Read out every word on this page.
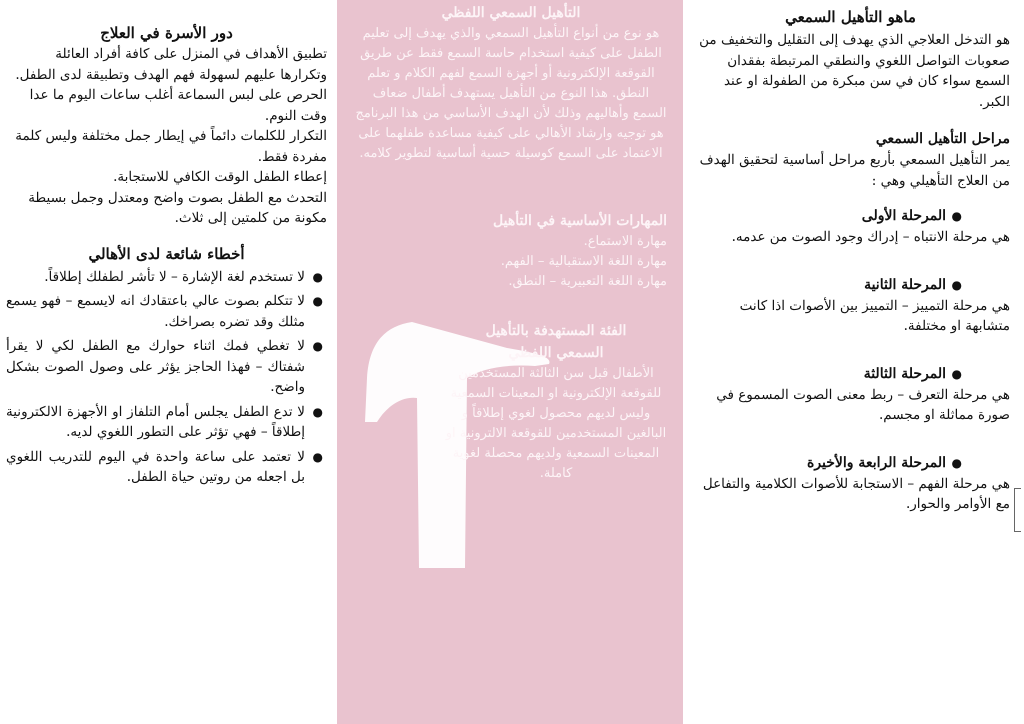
ماهو التأهيل السمعي

هو التدخل العلاجي الذي يهدف إلى التقليل والتخفيف من صعوبات التواصل اللغوي والنطقي المرتبطة بفقدان السمع سواء كان في سن مبكرة من الطفولة او عند الكبر.

مراحل التأهيل السمعي

يمر التأهيل السمعي بأربع مراحل أساسية لتحقيق الهدف من العلاج التأهيلي وهي :

●
المرحلة الأولى

هي مرحلة الانتباه – إدراك وجود الصوت من عدمه.

●
المرحلة الثانية

هي مرحلة التمييز – التمييز بين الأصوات اذا كانت متشابهة او مختلفة.

●
المرحلة الثالثة

هي مرحلة التعرف – ربط معنى الصوت المسموع في صورة مماثلة او مجسم.

●
المرحلة الرابعة والأخيرة

هي مرحلة الفهم – الاستجابة للأصوات الكلامية والتفاعل مع الأوامر والحوار.

التأهيل السمعي اللفظي

هو نوع من أنواع التأهيل السمعي والذي يهدف إلى تعليم الطفل على كيفية استخدام حاسة السمع فقط عن طريق القوقعة الإلكترونية أو أجهزة السمع لفهم الكلام و تعلم النطق. هذا النوع من التأهيل يستهدف أطفال ضعاف السمع وأهاليهم وذلك لأن الهدف الأساسي من هذا البرنامج هو توجيه وارشاد الأهالي على كيفية مساعدة طفلهما على الاعتماد على السمع كوسيلة حسية أساسية لتطوير كلامه.

المهارات الأساسية في التأهيل

مهارة الاستماع.

مهارة اللغة الاستقبالية – الفهم.

مهارة اللغة التعبيرية – النطق.

الفئة المستهدفة بالتأهيل
السمعي اللفظي

الأطفال قبل سن الثالثة المستخدمين للقوقعة الإلكترونية او المعينات السمعية وليس لديهم محصول لغوي إطلاقاً و البالغين المستخدمين للقوقعة الالترونية او المعينات السمعية ولديهم محصلة لغوية كاملة.

دور الأسرة في العلاج

تطبيق الأهداف في المنزل على كافة أفراد العائلة وتكرارها عليهم لسهولة فهم الهدف وتطبيقة لدى الطفل.

الحرص على لبس السماعة أغلب ساعات اليوم ما عدا وقت النوم.

التكرار للكلمات دائماً في إيطار جمل مختلفة وليس كلمة مفردة فقط.

إعطاء الطفل الوقت الكافي للاستجابة.

التحدث مع الطفل بصوت واضح ومعتدل وجمل بسيطة مكونة من كلمتين إلى ثلاث.

أخطاء شائعة لدى الأهالي
●
لا تستخدم لغة الإشارة – لا تأشر لطفلك إطلاقاً.
●
لا تتكلم بصوت عالي باعتقادك انه لايسمع – فهو يسمع مثلك وقد تضره بصراخك.
●
لا تغطي فمك اثناء حوارك مع الطفل لكي لا يقرأ شفتاك – فهذا الحاجز يؤثر على وصول الصوت بشكل واضح.
●
لا تدع الطفل يجلس أمام التلفاز او الأجهزة الالكترونية إطلاقاً – فهي تؤثر على التطور اللغوي لديه.
●
لا تعتمد على ساعة واحدة في اليوم للتدريب اللغوي بل اجعله من روتين حياة الطفل.
